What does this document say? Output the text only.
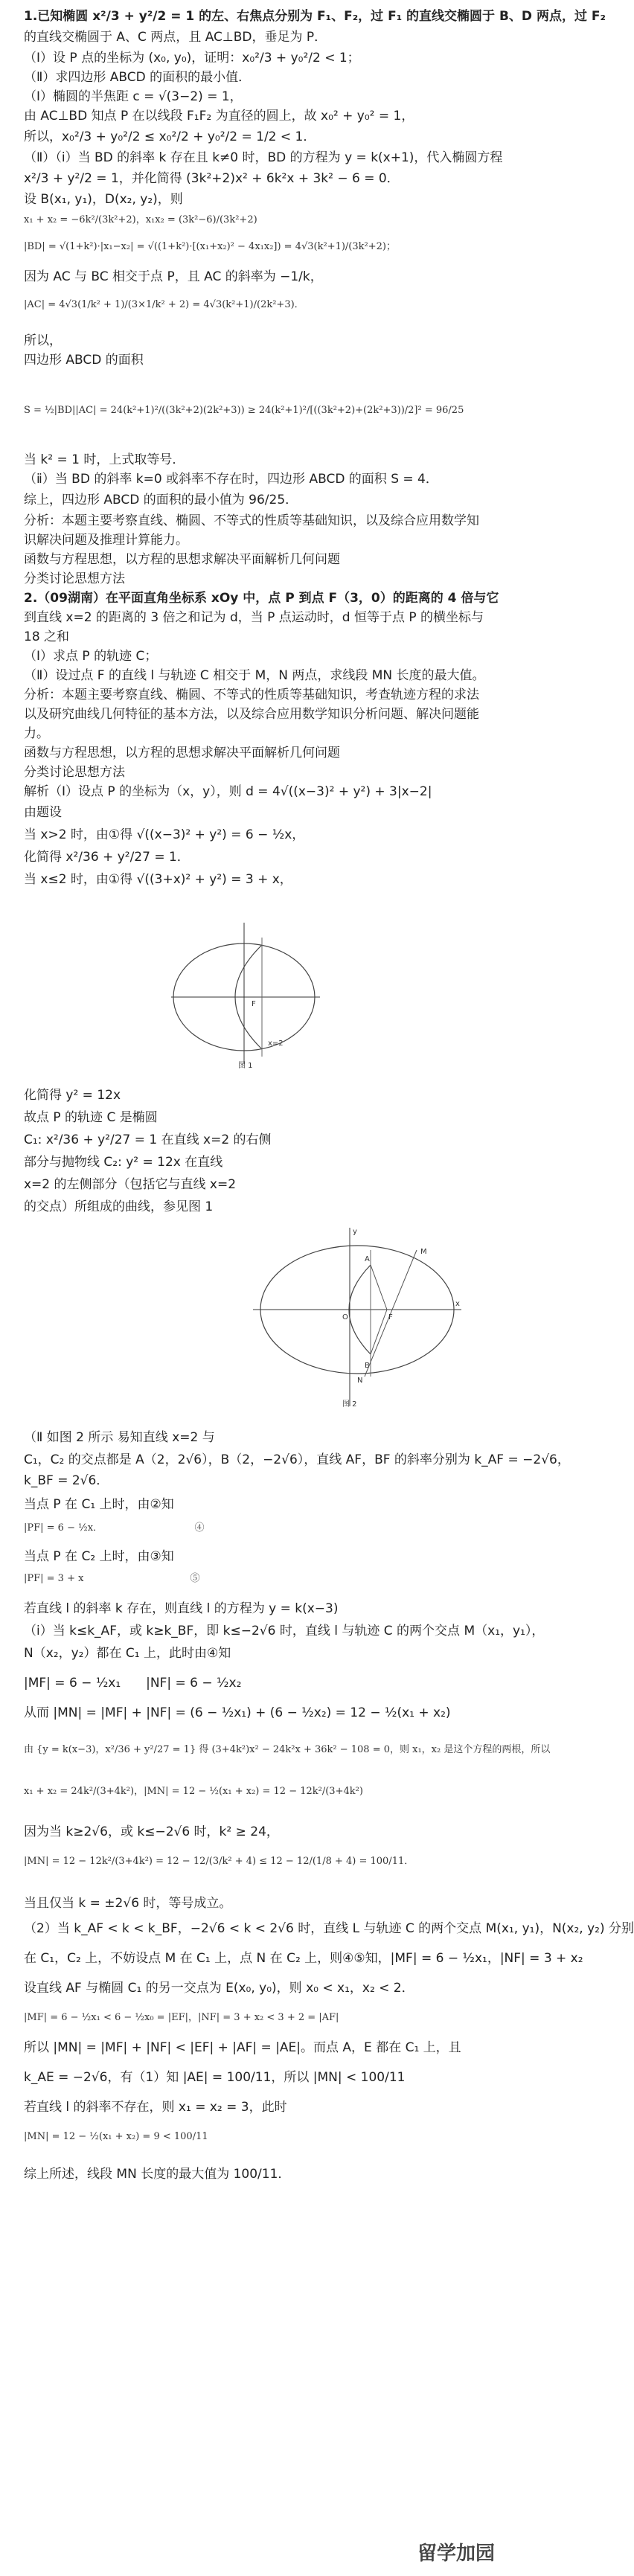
1.已知椭圆 x²/3 + y²/2 = 1 的左、右焦点分别为 F₁、F₂，过 F₁ 的直线交椭圆于 B、D 两点，过 F₂
的直线交椭圆于 A、C 两点，且 AC⊥BD，垂足为 P．
（Ⅰ）设 P 点的坐标为 (x₀, y₀)，证明：x₀²/3 + y₀²/2 < 1；
（Ⅱ）求四边形 ABCD 的面积的最小值．
（Ⅰ）椭圆的半焦距 c = √(3−2) = 1，
由 AC⊥BD 知点 P 在以线段 F₁F₂ 为直径的圆上，故 x₀² + y₀² = 1，
所以，x₀²/3 + y₀²/2 ≤ x₀²/2 + y₀²/2 = 1/2 < 1．
（Ⅱ）（ⅰ）当 BD 的斜率 k 存在且 k≠0 时，BD 的方程为 y = k(x+1)，代入椭圆方程
x²/3 + y²/2 = 1，并化简得 (3k²+2)x² + 6k²x + 3k² − 6 = 0．
设 B(x₁, y₁)，D(x₂, y₂)，则
x₁ + x₂ = −6k²/(3k²+2)，x₁x₂ = (3k²−6)/(3k²+2)
|BD| = √(1+k²)·|x₁−x₂| = √((1+k²)·[(x₁+x₂)² − 4x₁x₂]) = 4√3(k²+1)/(3k²+2)；
因为 AC 与 BC 相交于点 P，且 AC 的斜率为 −1/k，
|AC| = 4√3(1/k² + 1)/(3×1/k² + 2) = 4√3(k²+1)/(2k²+3)．
所以，
四边形 ABCD 的面积
S = ½|BD||AC| = 24(k²+1)²/((3k²+2)(2k²+3)) ≥ 24(k²+1)²/[((3k²+2)+(2k²+3))/2]² = 96/25
当 k² = 1 时，上式取等号．
（ⅱ）当 BD 的斜率 k=0 或斜率不存在时，四边形 ABCD 的面积 S = 4．
综上，四边形 ABCD 的面积的最小值为 96/25．
分析：本题主要考察直线、椭圆、不等式的性质等基础知识，以及综合应用数学知
识解决问题及推理计算能力。
函数与方程思想，以方程的思想求解决平面解析几何问题
分类讨论思想方法
2.（09湖南）在平面直角坐标系 xOy 中，点 P 到点 F（3，0）的距离的 4 倍与它
到直线 x=2 的距离的 3 倍之和记为 d，当 P 点运动时，d 恒等于点 P 的横坐标与
18 之和
（Ⅰ）求点 P 的轨迹 C；
（Ⅱ）设过点 F 的直线 l 与轨迹 C 相交于 M，N 两点，求线段 MN 长度的最大值。
分析：本题主要考察直线、椭圆、不等式的性质等基础知识，考查轨迹方程的求法
以及研究曲线几何特征的基本方法，以及综合应用数学知识分析问题、解决问题能
力。
函数与方程思想，以方程的思想求解决平面解析几何问题
分类讨论思想方法
解析（Ⅰ）设点 P 的坐标为（x，y），则 d = 4√((x−3)² + y²) + 3|x−2|
由题设
当 x>2 时，由①得 √((x−3)² + y²) = 6 − ½x，
化简得 x²/36 + y²/27 = 1．
当 x≤2 时，由①得 √((3+x)² + y²) = 3 + x，
F
x=2
图 1
化简得 y² = 12x
故点 P 的轨迹 C 是椭圆
C₁: x²/36 + y²/27 = 1 在直线 x=2 的右侧
部分与抛物线 C₂: y² = 12x 在直线
x=2 的左侧部分（包括它与直线 x=2
的交点）所组成的曲线，参见图 1
A
B
F
O
M
N
x
y
图 2
（Ⅱ 如图 2 所示 易知直线 x=2 与
C₁，C₂ 的交点都是 A（2，2√6），B（2，−2√6），直线 AF，BF 的斜率分别为 k_AF = −2√6，
k_BF = 2√6．
当点 P 在 C₁ 上时，由②知
|PF| = 6 − ½x．　　　　　　　　　　④
当点 P 在 C₂ 上时，由③知
|PF| = 3 + x　　　　　　　　　　　⑤
若直线 l 的斜率 k 存在，则直线 l 的方程为 y = k(x−3)
（ⅰ）当 k≤k_AF，或 k≥k_BF，即 k≤−2√6 时，直线 l 与轨迹 C 的两个交点 M（x₁，y₁），
N（x₂，y₂）都在 C₁ 上，此时由④知
|MF| = 6 − ½x₁　　|NF| = 6 − ½x₂
从而 |MN| = |MF| + |NF| = (6 − ½x₁) + (6 − ½x₂) = 12 − ½(x₁ + x₂)
由 {y = k(x−3)，x²/36 + y²/27 = 1} 得 (3+4k²)x² − 24k²x + 36k² − 108 = 0，则 x₁，x₂ 是这个方程的两根，所以
x₁ + x₂ = 24k²/(3+4k²)，|MN| = 12 − ½(x₁ + x₂) = 12 − 12k²/(3+4k²)
因为当 k≥2√6，或 k≤−2√6 时，k² ≥ 24，
|MN| = 12 − 12k²/(3+4k²) = 12 − 12/(3/k² + 4) ≤ 12 − 12/(1/8 + 4) = 100/11．
当且仅当 k = ±2√6 时，等号成立。
（2）当 k_AF < k < k_BF，−2√6 < k < 2√6 时，直线 L 与轨迹 C 的两个交点 M(x₁, y₁)，N(x₂, y₂) 分别
在 C₁，C₂ 上，不妨设点 M 在 C₁ 上，点 N 在 C₂ 上，则④⑤知，|MF| = 6 − ½x₁，|NF| = 3 + x₂
设直线 AF 与椭圆 C₁ 的另一交点为 E(x₀, y₀)，则 x₀ < x₁，x₂ < 2．
|MF| = 6 − ½x₁ < 6 − ½x₀ = |EF|，|NF| = 3 + x₂ < 3 + 2 = |AF|
所以 |MN| = |MF| + |NF| < |EF| + |AF| = |AE|。而点 A，E 都在 C₁ 上，且
k_AE = −2√6，有（1）知 |AE| = 100/11，所以 |MN| < 100/11
若直线 l 的斜率不存在，则 x₁ = x₂ = 3，此时
|MN| = 12 − ½(x₁ + x₂) = 9 < 100/11
综上所述，线段 MN 长度的最大值为 100/11．
留学加园
